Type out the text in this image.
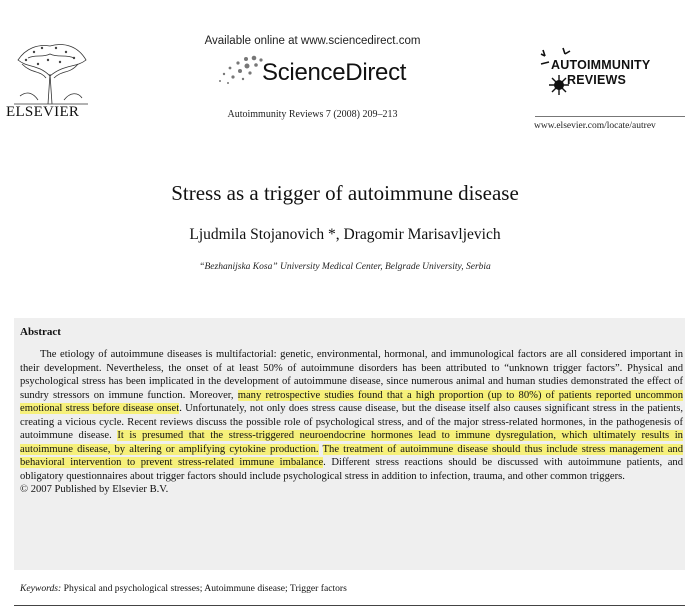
ELSEVIER
Available online at www.sciencedirect.com
ScienceDirect
Autoimmunity Reviews 7 (2008) 209–213
AUTOIMMUNITY
REVIEWS
www.elsevier.com/locate/autrev
Stress as a trigger of autoimmune disease
Ljudmila Stojanovich *, Dragomir Marisavljevich
“Bezhanijska Kosa” University Medical Center, Belgrade University, Serbia
Abstract

The etiology of autoimmune diseases is multifactorial: genetic, environmental, hormonal, and immunological factors are all considered important in their development. Nevertheless, the onset of at least 50% of autoimmune disorders has been attributed to “unknown trigger factors”. Physical and psychological stress has been implicated in the development of autoimmune disease, since numerous animal and human studies demonstrated the effect of sundry stressors on immune function. Moreover, many retrospective studies found that a high proportion (up to 80%) of patients reported uncommon emotional stress before disease onset. Unfortunately, not only does stress cause disease, but the disease itself also causes significant stress in the patients, creating a vicious cycle. Recent reviews discuss the possible role of psychological stress, and of the major stress-related hormones, in the pathogenesis of autoimmune disease. It is presumed that the stress-triggered neuroendocrine hormones lead to immune dysregulation, which ultimately results in autoimmune disease, by altering or amplifying cytokine production. The treatment of autoimmune disease should thus include stress management and behavioral intervention to prevent stress-related immune imbalance. Different stress reactions should be discussed with autoimmune patients, and obligatory questionnaires about trigger factors should include psychological stress in addition to infection, trauma, and other common triggers.

© 2007 Published by Elsevier B.V.
Keywords: Physical and psychological stresses; Autoimmune disease; Trigger factors
